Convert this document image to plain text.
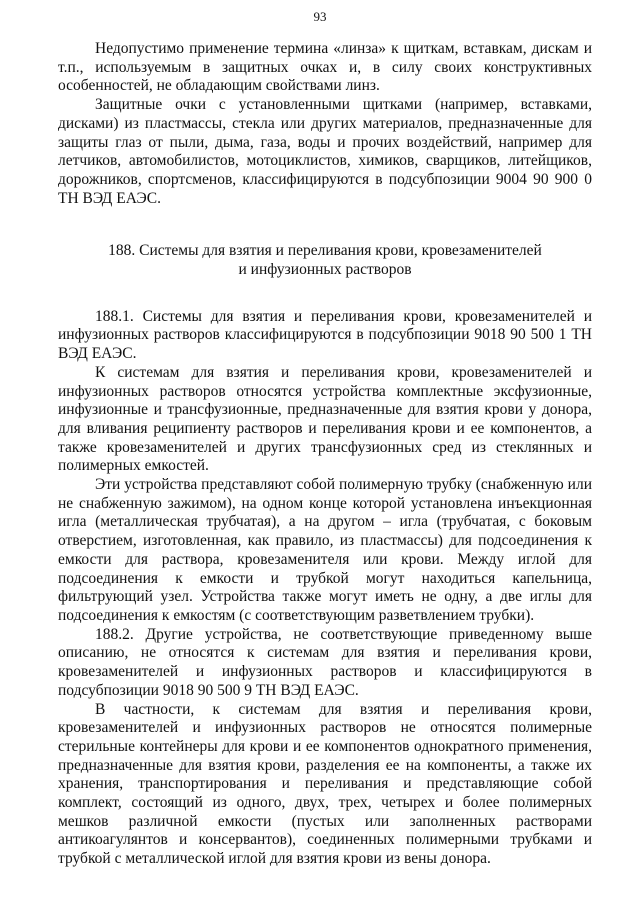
93

Недопустимо применение термина «линза» к щиткам, вставкам, дискам и т.п., используемым в защитных очках и, в силу своих конструктивных особенностей, не обладающим свойствами линз.

Защитные очки с установленными щитками (например, вставками, дисками) из пластмассы, стекла или других материалов, предназначенные для защиты глаз от пыли, дыма, газа, воды и прочих воздействий, например для летчиков, автомобилистов, мотоциклистов, химиков, сварщиков, литейщиков, дорожников, спортсменов, классифицируются в подсубпозиции 9004 90 900 0 ТН ВЭД ЕАЭС.

188. Системы для взятия и переливания крови, кровезаменителей и инфузионных растворов

188.1. Системы для взятия и переливания крови, кровезаменителей и инфузионных растворов классифицируются в подсубпозиции 9018 90 500 1 ТН ВЭД ЕАЭС.

К системам для взятия и переливания крови, кровезаменителей и инфузионных растворов относятся устройства комплектные эксфузионные, инфузионные и трансфузионные, предназначенные для взятия крови у донора, для вливания реципиенту растворов и переливания крови и ее компонентов, а также кровезаменителей и других трансфузионных сред из стеклянных и полимерных емкостей.

Эти устройства представляют собой полимерную трубку (снабженную или не снабженную зажимом), на одном конце которой установлена инъекционная игла (металлическая трубчатая), а на другом – игла (трубчатая, с боковым отверстием, изготовленная, как правило, из пластмассы) для подсоединения к емкости для раствора, кровезаменителя или крови. Между иглой для подсоединения к емкости и трубкой могут находиться капельница, фильтрующий узел. Устройства также могут иметь не одну, а две иглы для подсоединения к емкостям (с соответствующим разветвлением трубки).

188.2. Другие устройства, не соответствующие приведенному выше описанию, не относятся к системам для взятия и переливания крови, кровезаменителей и инфузионных растворов и классифицируются в подсубпозиции 9018 90 500 9 ТН ВЭД ЕАЭС.

В частности, к системам для взятия и переливания крови, кровезаменителей и инфузионных растворов не относятся полимерные стерильные контейнеры для крови и ее компонентов однократного применения, предназначенные для взятия крови, разделения ее на компоненты, а также их хранения, транспортирования и переливания и представляющие собой комплект, состоящий из одного, двух, трех, четырех и более полимерных мешков различной емкости (пустых или заполненных растворами антикоагулянтов и консервантов), соединенных полимерными трубками и трубкой с металлической иглой для взятия крови из вены донора.
